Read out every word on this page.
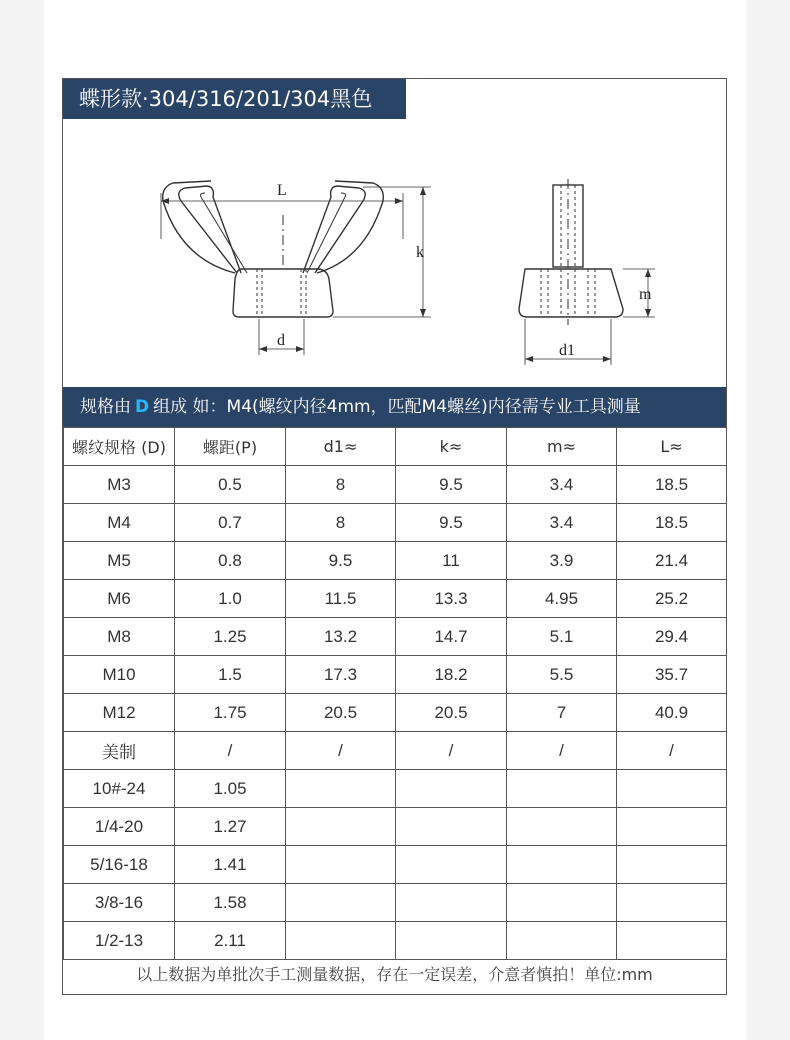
蝶形款·304/316/201/304黑色
L
k
d
m
d1
规格由 D 组成 如：M4(螺纹内径4mm，匹配M4螺丝)内径需专业工具测量
螺纹规格 (D)	螺距(P)	d1≈	k≈	m≈	L≈
M3	0.5	8	9.5	3.4	18.5
M4	0.7	8	9.5	3.4	18.5
M5	0.8	9.5	11	3.9	21.4
M6	1.0	11.5	13.3	4.95	25.2
M8	1.25	13.2	14.7	5.1	29.4
M10	1.5	17.3	18.2	5.5	35.7
M12	1.75	20.5	20.5	7	40.9
美制	/	/	/	/	/
10#-24	1.05				
1/4-20	1.27				
5/16-18	1.41				
3/8-16	1.58				
1/2-13	2.11				
以上数据为单批次手工测量数据，存在一定误差，介意者慎拍！单位:mm
